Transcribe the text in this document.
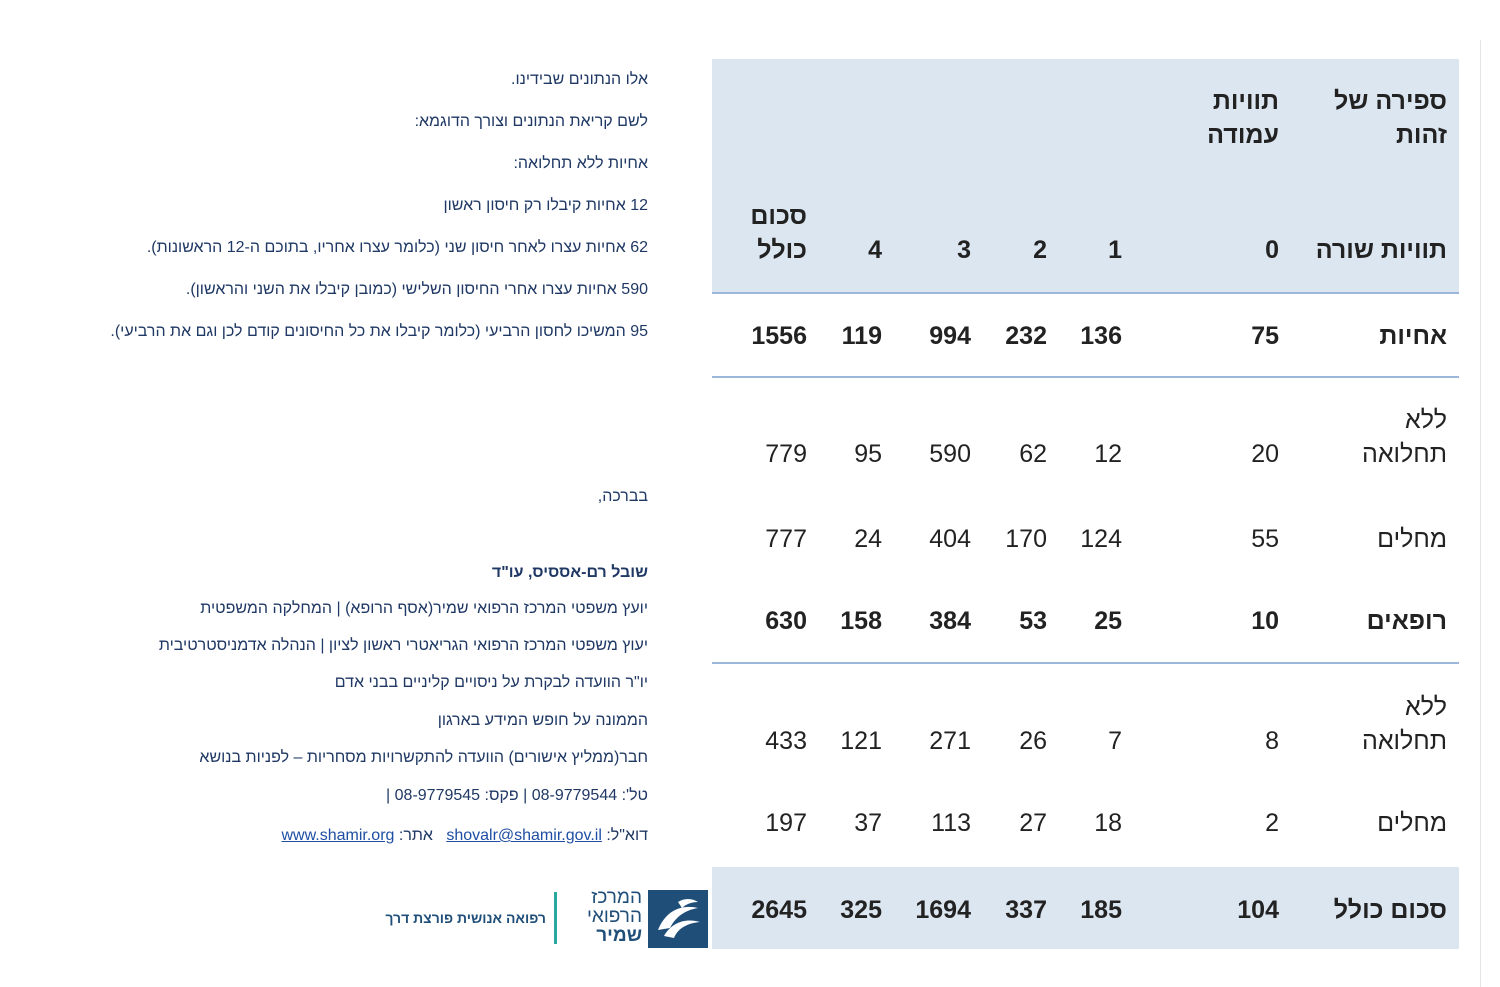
ספירה של זהות
תוויות עמודה
תוויות שורה
0
1
2
3
4
סכום כולל
אחיות
75
136
232
994
119
1556
ללא תחלואה
20
12
62
590
95
779
מחלים
55
124
170
404
24
777
רופאים
10
25
53
384
158
630
ללא תחלואה
8
7
26
271
121
433
מחלים
2
18
27
113
37
197
סכום כולל
104
185
337
1694
325
2645
אלו הנתונים שבידינו.
לשם קריאת הנתונים וצורך הדוגמא:
אחיות ללא תחלואה:
12 אחיות קיבלו רק חיסון ראשון
62 אחיות עצרו לאחר חיסון שני (כלומר עצרו אחריו, בתוכם ה-12 הראשונות).
590 אחיות עצרו אחרי החיסון השלישי (כמובן קיבלו את השני והראשון).
95 המשיכו לחסון הרביעי (כלומר קיבלו את כל החיסונים קודם לכן וגם את הרביעי).
בברכה,
שובל רם-אססיס, עו"ד
יועץ משפטי המרכז הרפואי שמיר(אסף הרופא) | המחלקה המשפטית
יעוץ משפטי המרכז הרפואי הגריאטרי ראשון לציון | הנהלה אדמניסטרטיבית
יו"ר הוועדה לבקרת על ניסויים קליניים בבני אדם
הממונה על חופש המידע בארגון
חבר(ממליץ אישורים) הוועדה להתקשרויות מסחריות – לפניות בנושא
טל': 08-9779544 | פקס: 08-9779545 |
דוא"ל: shovalr@shamir.gov.il   אתר: www.shamir.org
המרכז
הרפואי
שמיר
רפואה אנושית פורצת דרך
